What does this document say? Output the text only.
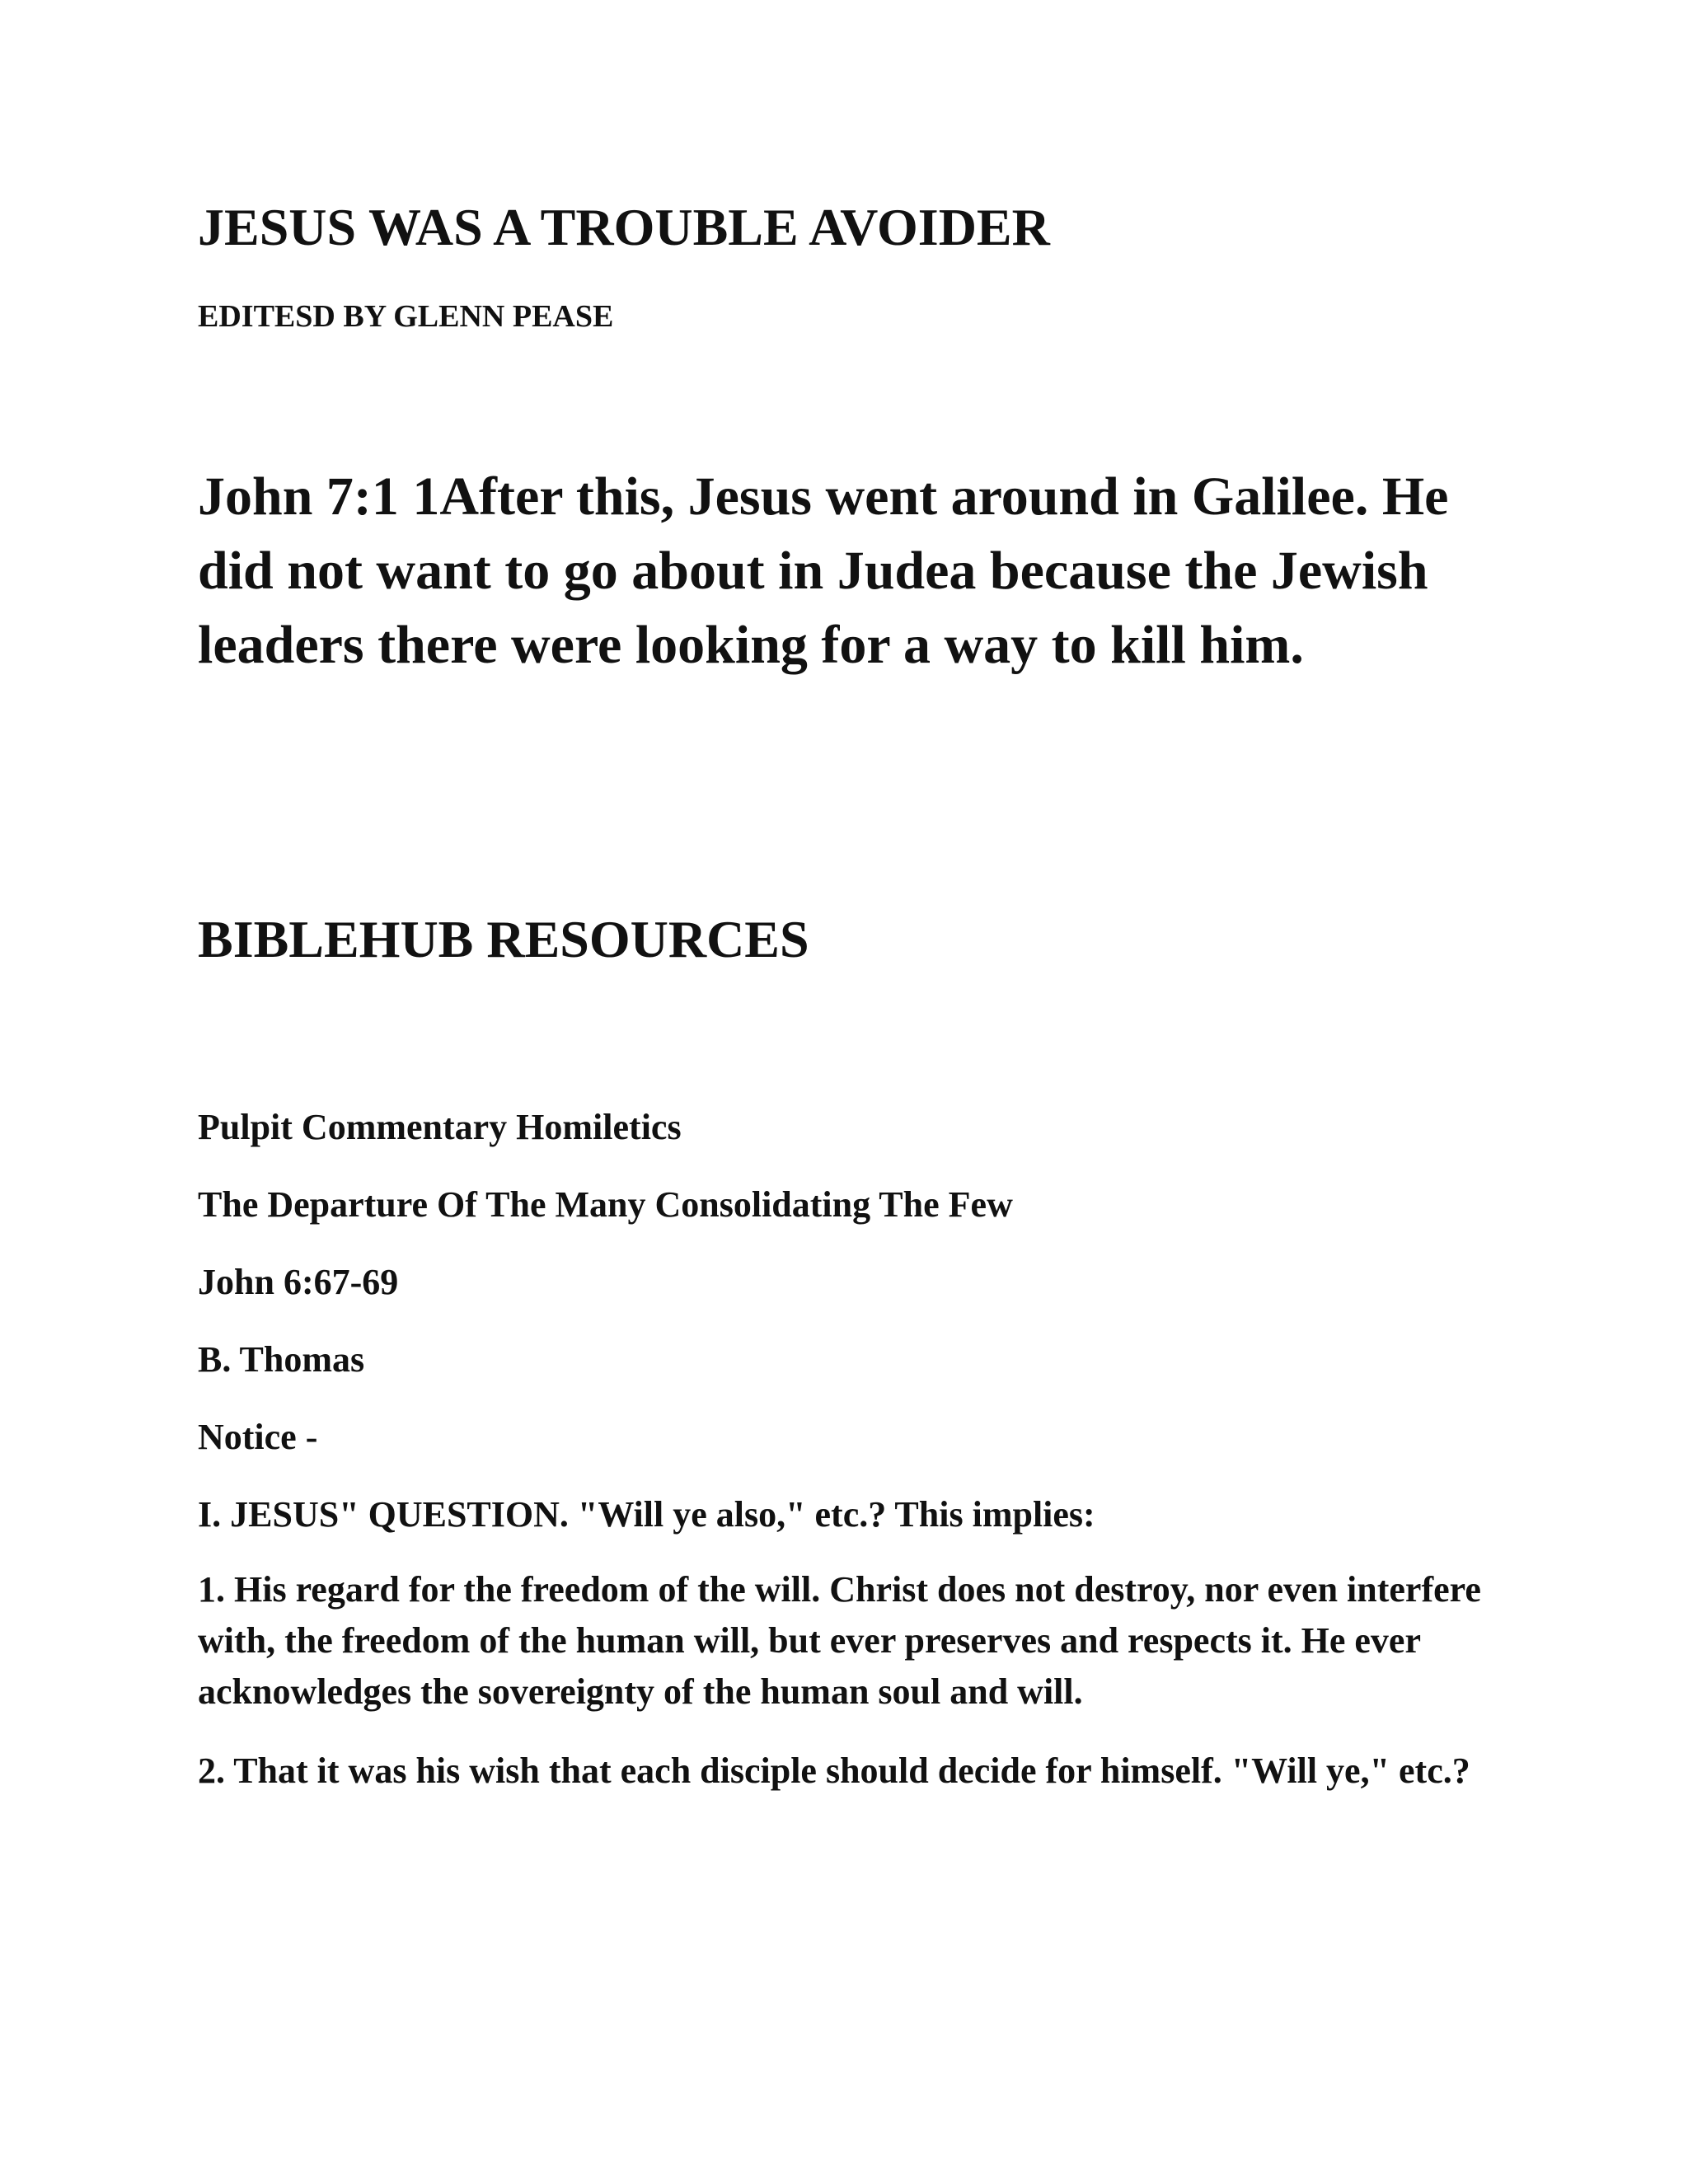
JESUS WAS A TROUBLE AVOIDER

EDITESD BY GLENN PEASE

John 7:1 1After this, Jesus went around in Galilee. He did not want to go about in Judea because the Jewish leaders there were looking for a way to kill him.

BIBLEHUB RESOURCES

Pulpit Commentary Homiletics

The Departure Of The Many Consolidating The Few

John 6:67-69

B. Thomas

Notice -

I. JESUS" QUESTION. "Will ye also," etc.? This implies:

1. His regard for the freedom of the will. Christ does not destroy, nor even interfere with, the freedom of the human will, but ever preserves and respects it. He ever acknowledges the sovereignty of the human soul and will.

2. That it was his wish that each disciple should decide for himself. "Will ye," etc.?
